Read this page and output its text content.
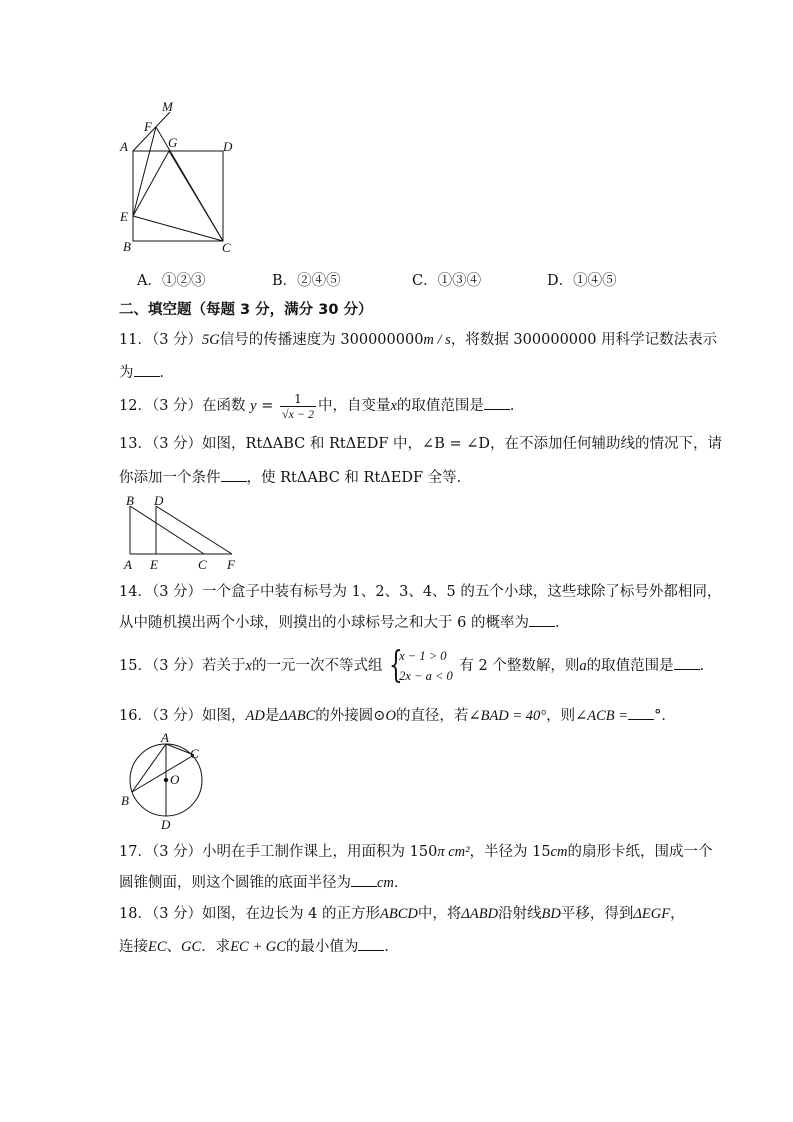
M
F
G
A	D
E
B	C
A．①②③	B．②④⑤	C．①③④	D．①④⑤
二、填空题（每题 3 分，满分 30 分）
11．（3 分）5G信号的传播速度为 300000000m / s，将数据 300000000 用科学记数法表示
为 ．
12．（3 分）在函数 $y = \frac{1}{√x - 2}$ 中，自变量x的取值范围是 ．
13．（3 分）如图，RtΔABC 和 RtΔEDF 中，∠B = ∠D，在不添加任何辅助线的情况下，请
你添加一个条件 ，使 RtΔABC 和 RtΔEDF 全等．
B D
A E	C F
14．（3 分）一个盒子中装有标号为 1、2、3、4、5 的五个小球，这些球除了标号外都相同，
从中随机摸出两个小球，则摸出的小球标号之和大于 6 的概率为 ．
15．（3 分）若关于x的一元一次不等式组 {
x − 1 > 0
2x − a < 0
有 2 个整数解，则a的取值范围是 ．
16．（3 分）如图，AD是ΔABC的外接圆⊙O的直径，若∠BAD = 40°，则∠ACB = °．
A
C
O
B
D
17．（3 分）小明在手工制作课上，用面积为 150π cm²，半径为 15cm的扇形卡纸，围成一个
圆锥侧面，则这个圆锥的底面半径为 cm．
18．（3 分）如图，在边长为 4 的正方形ABCD中，将ΔABD沿射线BD平移，得到ΔEGF，
连接EC、GC．求EC + GC的最小值为 ．
